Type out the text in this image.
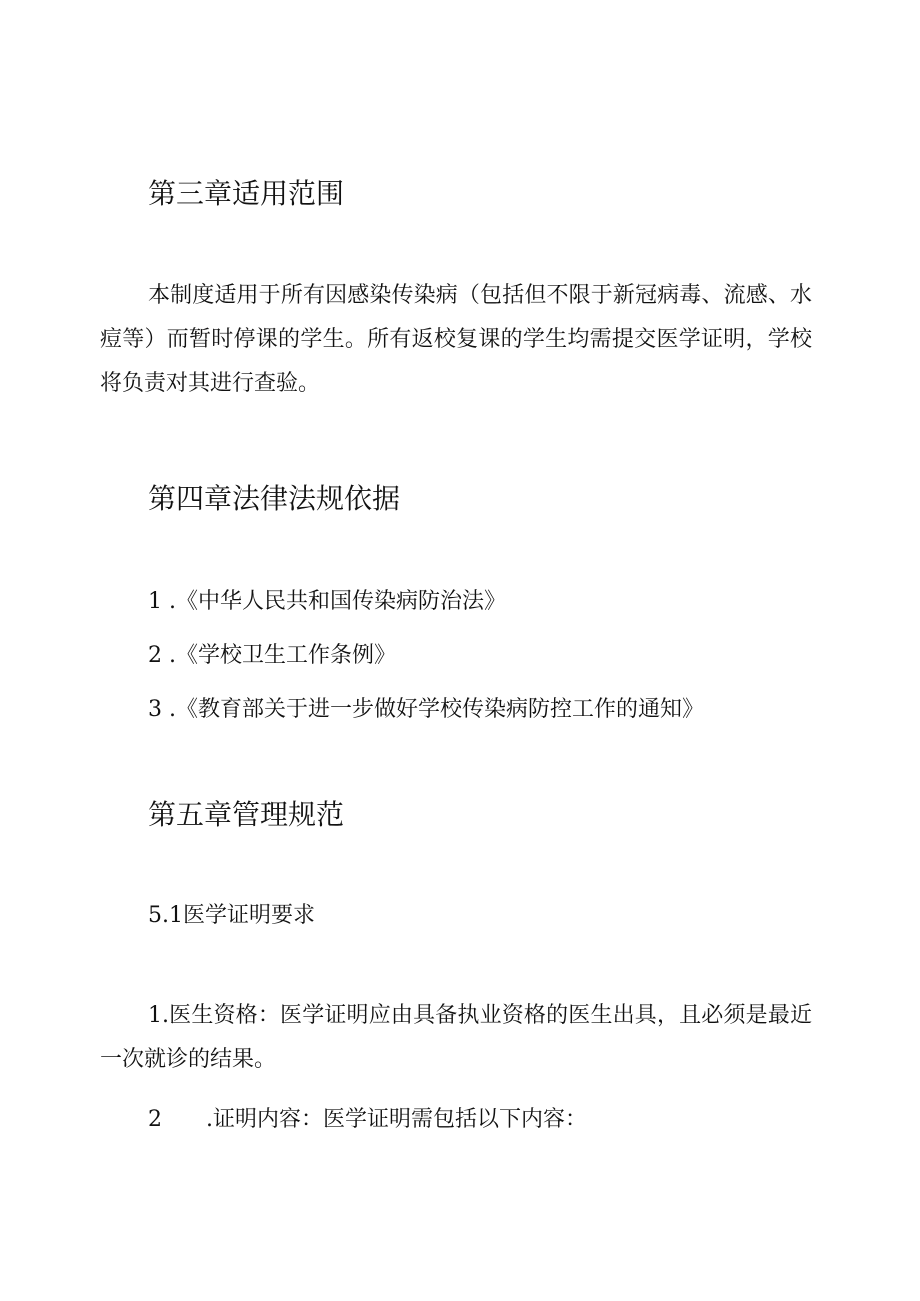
第三章适用范围

本制度适用于所有因感染传染病（包括但不限于新冠病毒、流感、水痘等）而暂时停课的学生。所有返校复课的学生均需提交医学证明，学校将负责对其进行查验。

第四章法律法规依据

1 .《中华人民共和国传染病防治法》

2 .《学校卫生工作条例》

3 .《教育部关于进一步做好学校传染病防控工作的通知》

第五章管理规范

5.1医学证明要求

1.医生资格：医学证明应由具备执业资格的医生出具，且必须是最近一次就诊的结果。

2 .证明内容：医学证明需包括以下内容：
